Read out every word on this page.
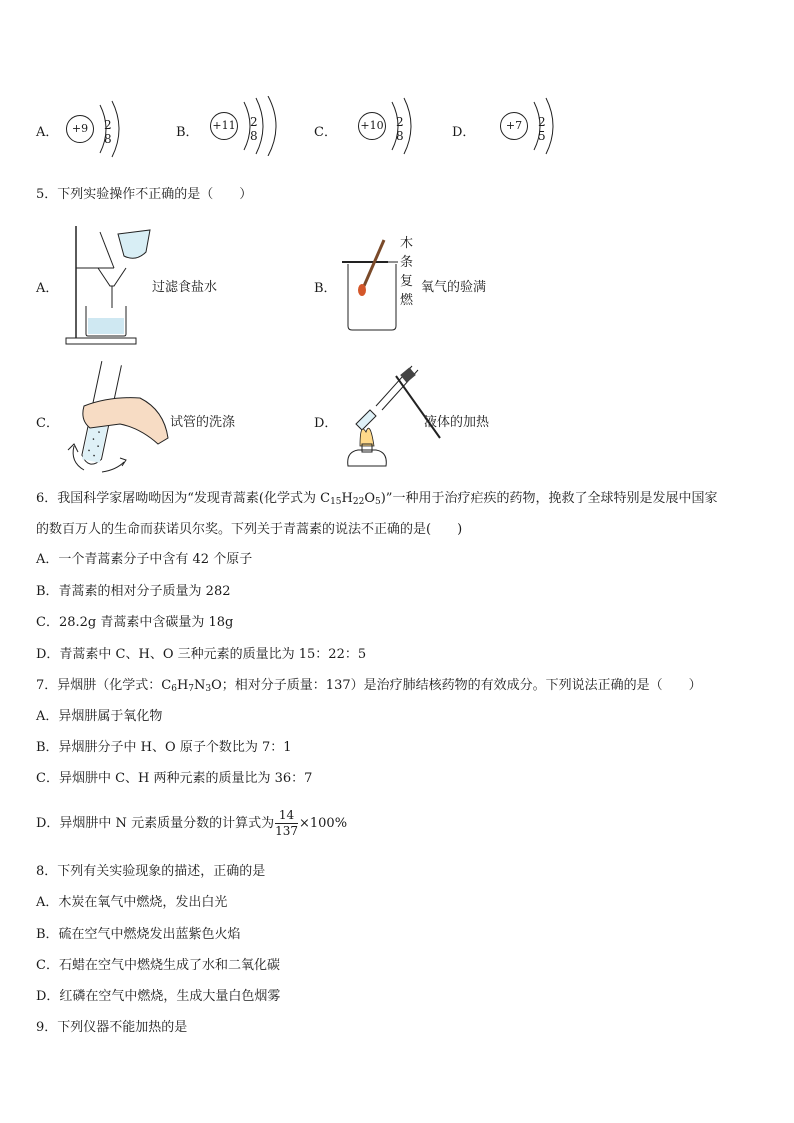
A．	+9	2 8	B． +11 2 8	C． +10 2 8	D．	+7	2 5
5．下列实验操作不正确的是（　　）
A．	过滤食盐水	B．
木
条
复
燃
氧气的验满
C．	试管的洗涤	D．	液体的加热
6．我国科学家屠呦呦因为“发现青蒿素(化学式为 $C_{15}H_{22}O_5$)”一种用于治疗疟疾的药物，挽救了全球特别是发展中国家
的数百万人的生命而获诺贝尔奖。下列关于青蒿素的说法不正确的是(　　)
A．一个青蒿素分子中含有 42 个原子
B．青蒿素的相对分子质量为 282
C．28.2g 青蒿素中含碳量为 18g
D．青蒿素中 C、H、O 三种元素的质量比为 15：22：5
7．异烟肼（化学式：$C_6H_7N_3O$；相对分子质量：137）是治疗肺结核药物的有效成分。下列说法正确的是（　　）
A．异烟肼属于氧化物
B．异烟肼分子中 H、O 原子个数比为 7：1
C．异烟肼中 C、H 两种元素的质量比为 36：7
D．异烟肼中 N 元素质量分数的计算式为 $\frac{14}{137} \times 100\%$
8．下列有关实验现象的描述，正确的是
A．木炭在氧气中燃烧，发出白光
B．硫在空气中燃烧发出蓝紫色火焰
C．石蜡在空气中燃烧生成了水和二氧化碳
D．红磷在空气中燃烧，生成大量白色烟雾
9．下列仪器不能加热的是
